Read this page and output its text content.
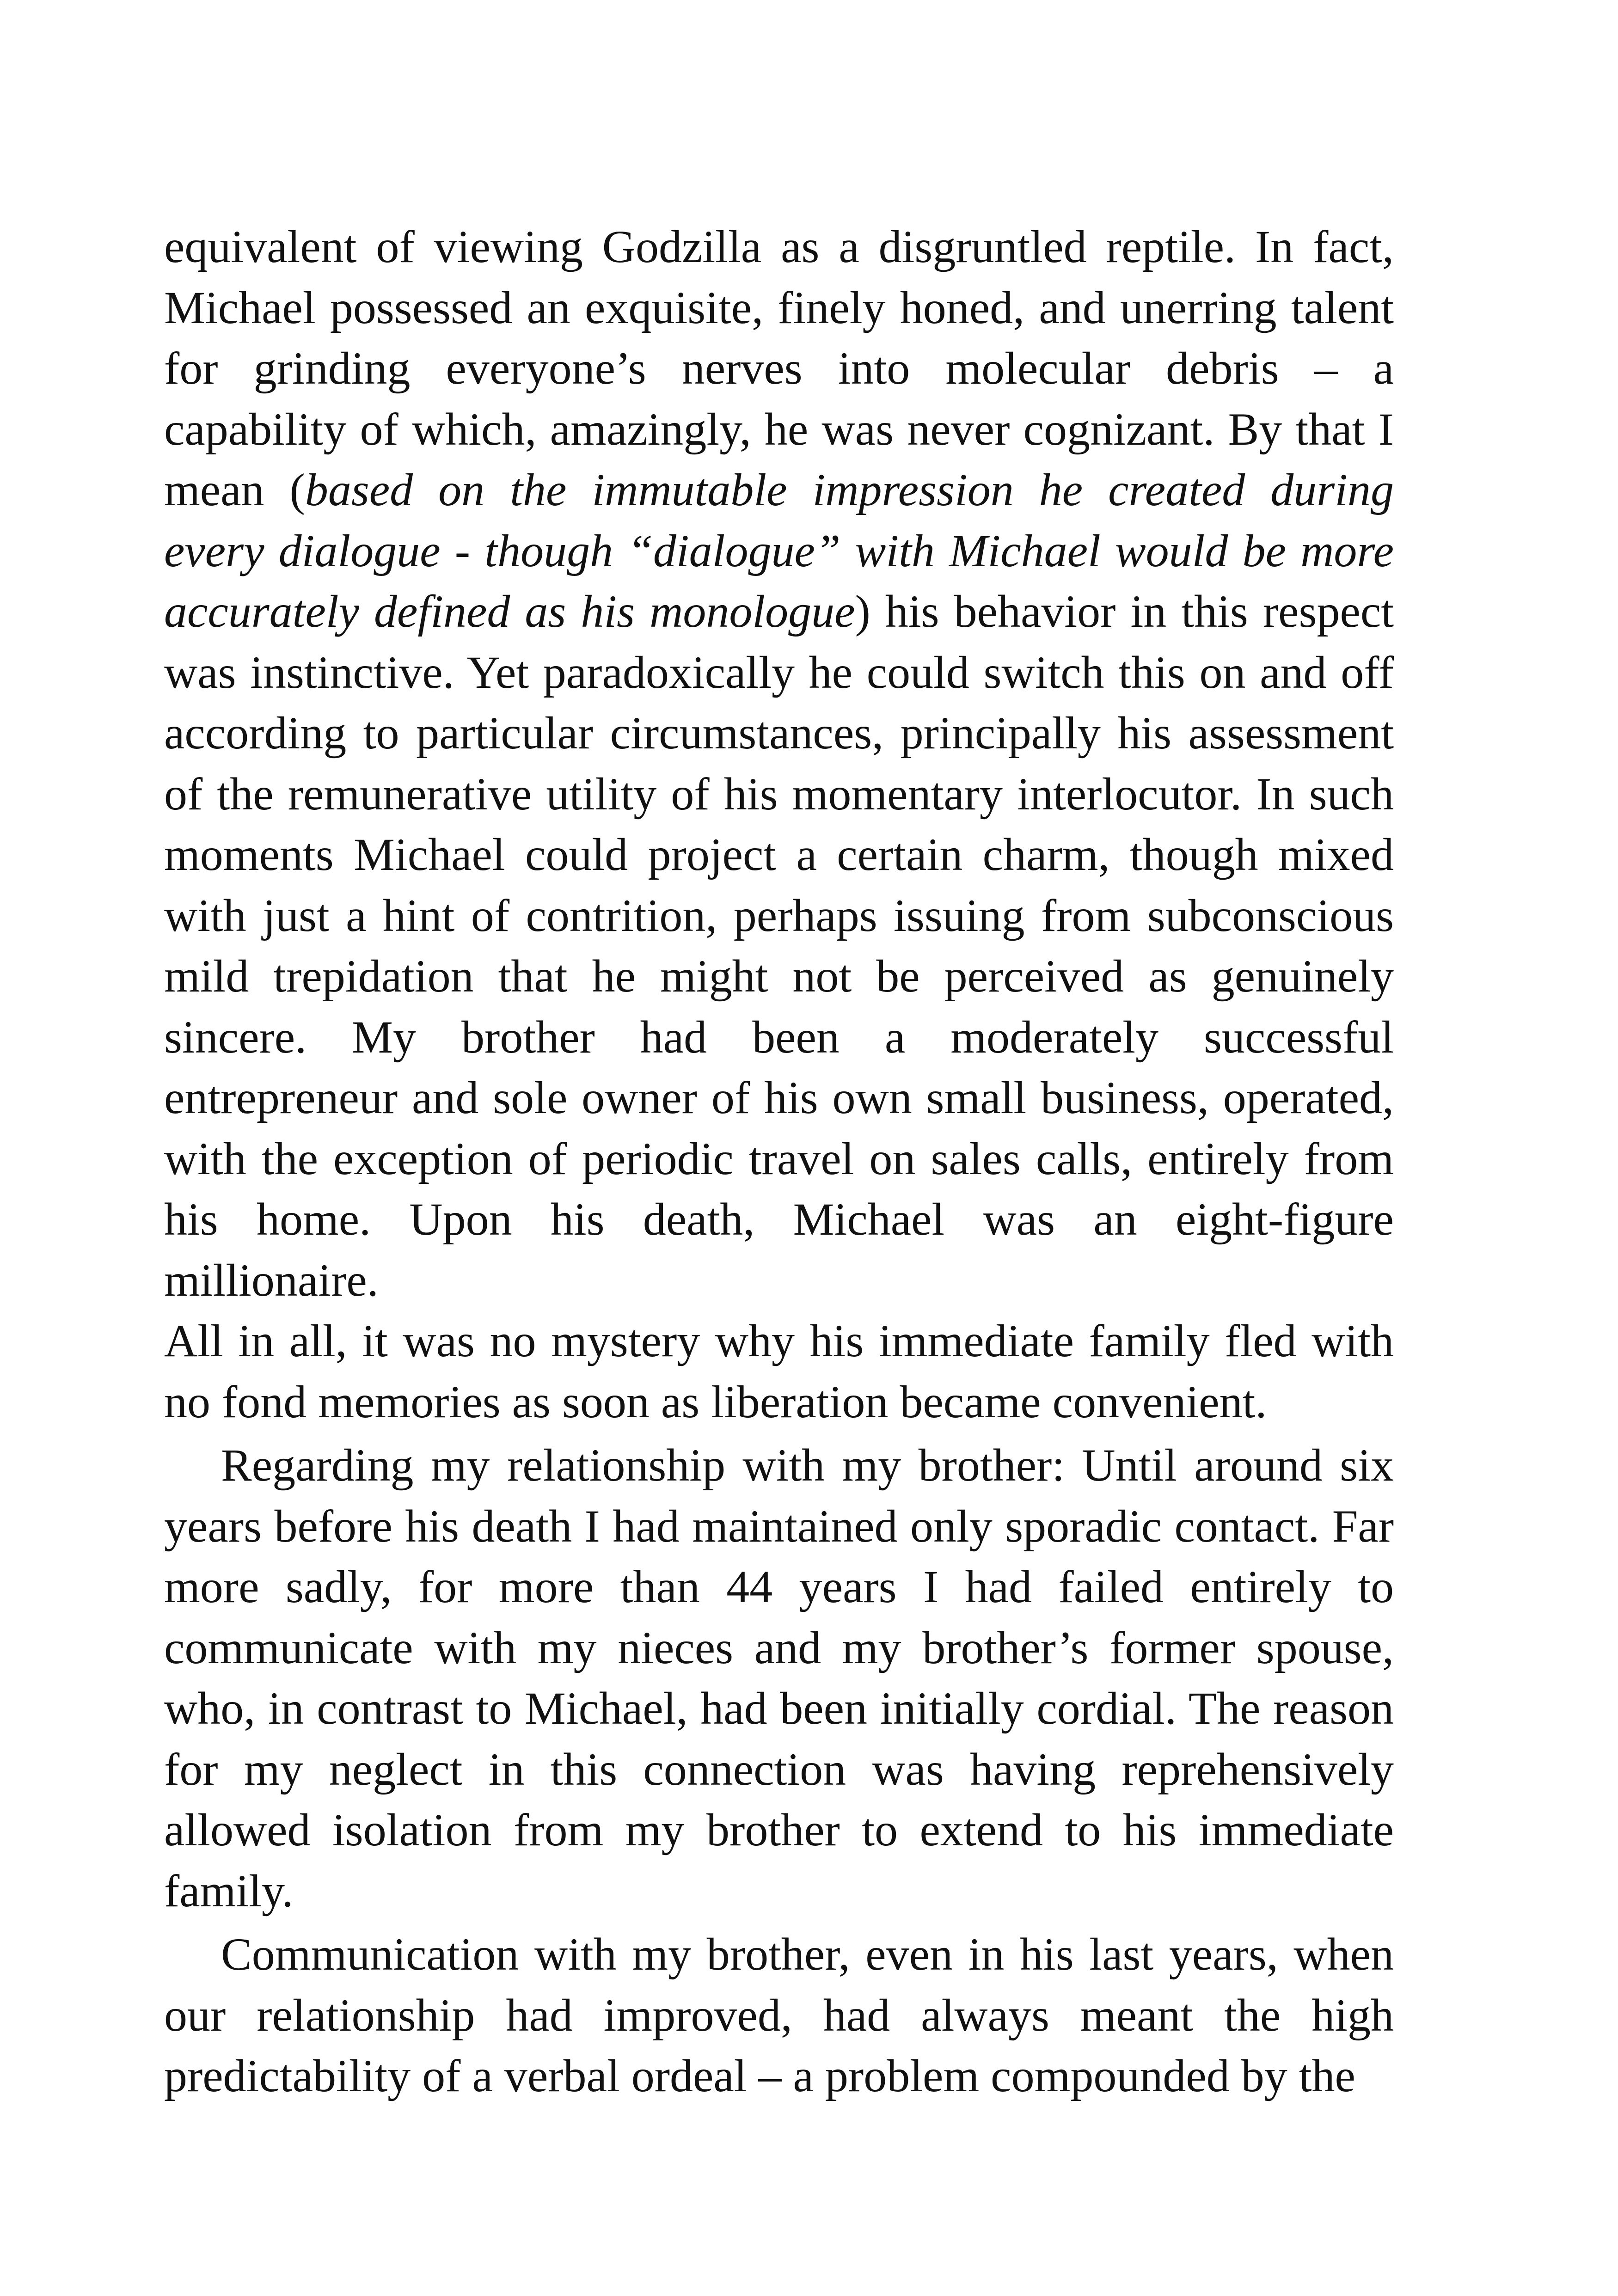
equivalent of viewing Godzilla as a disgruntled reptile. In fact, Michael possessed an exquisite, finely honed, and unerring talent for grinding everyone’s nerves into molecular debris – a capability of which, amazingly, he was never cognizant. By that I mean (based on the immutable impression he created during every dialogue - though “dialogue” with Michael would be more accurately defined as his monologue) his behavior in this respect was instinctive. Yet paradoxically he could switch this on and off according to particular circumstances, principally his assessment of the remunerative utility of his momentary interlocutor. In such moments Michael could project a certain charm, though mixed with just a hint of contrition, perhaps issuing from subconscious mild trepidation that he might not be perceived as genuinely sincere. My brother had been a moderately successful entrepreneur and sole owner of his own small business, operated, with the exception of periodic travel on sales calls, entirely from his home. Upon his death, Michael was an eight-figure millionaire.

All in all, it was no mystery why his immediate family fled with no fond memories as soon as liberation became convenient.

Regarding my relationship with my brother: Until around six years before his death I had maintained only sporadic contact. Far more sadly, for more than 44 years I had failed entirely to communicate with my nieces and my brother’s former spouse, who, in contrast to Michael, had been initially cordial. The reason for my neglect in this connection was having reprehensively allowed isolation from my brother to extend to his immediate family.

Communication with my brother, even in his last years, when our relationship had improved, had always meant the high predictability of a verbal ordeal – a problem compounded by the
